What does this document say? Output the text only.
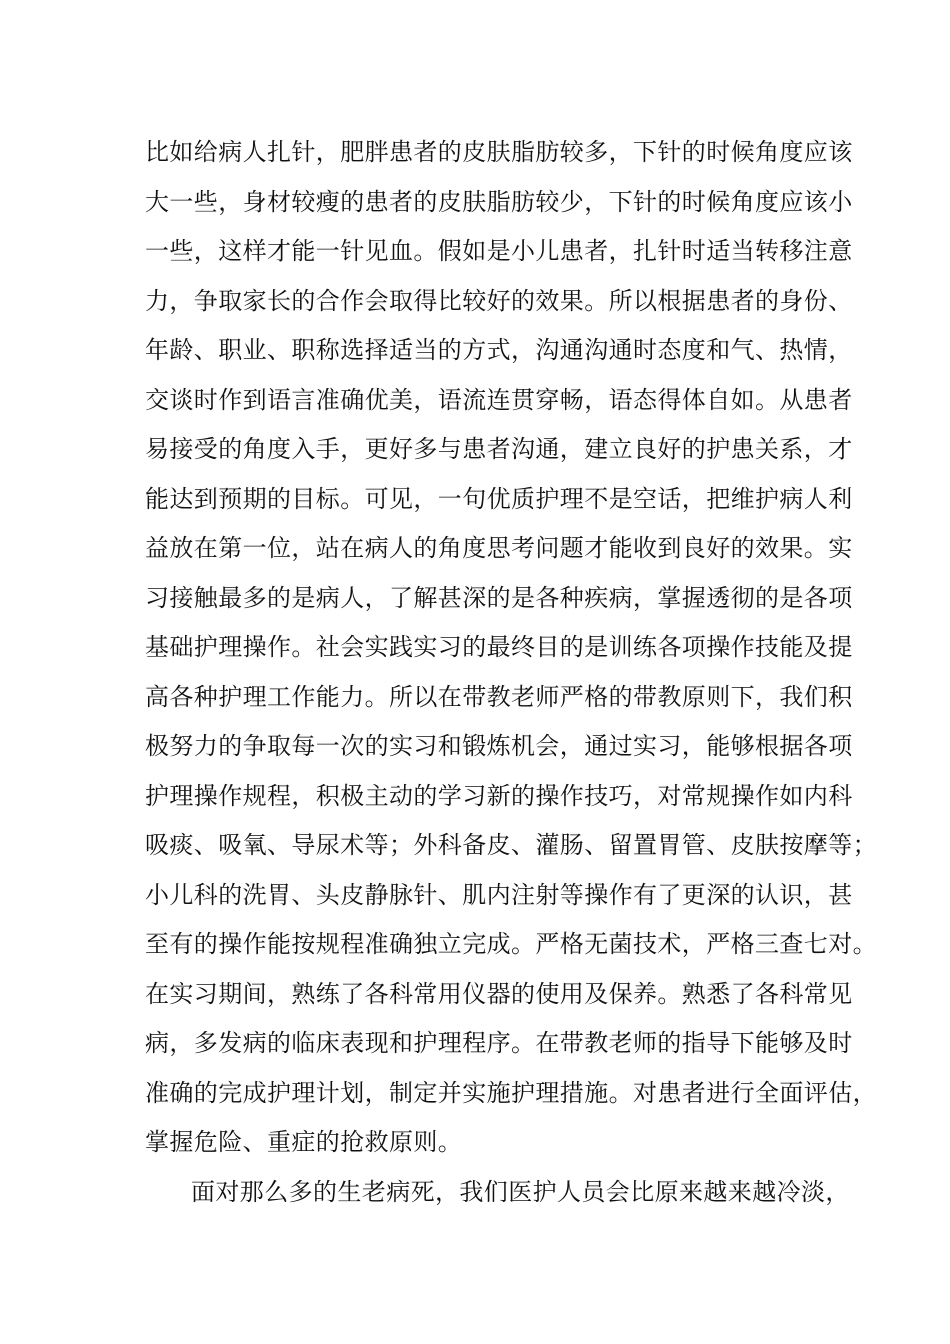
比如给病人扎针，肥胖患者的皮肤脂肪较多，下针的时候角度应该
大一些，身材较瘦的患者的皮肤脂肪较少，下针的时候角度应该小
一些，这样才能一针见血。假如是小儿患者，扎针时适当转移注意
力，争取家长的合作会取得比较好的效果。所以根据患者的身份、
年龄、职业、职称选择适当的方式，沟通沟通时态度和气、热情，
交谈时作到语言准确优美，语流连贯穿畅，语态得体自如。从患者
易接受的角度入手，更好多与患者沟通，建立良好的护患关系，才
能达到预期的目标。可见，一句优质护理不是空话，把维护病人利
益放在第一位，站在病人的角度思考问题才能收到良好的效果。实
习接触最多的是病人，了解甚深的是各种疾病，掌握透彻的是各项
基础护理操作。社会实践实习的最终目的是训练各项操作技能及提
高各种护理工作能力。所以在带教老师严格的带教原则下，我们积
极努力的争取每一次的实习和锻炼机会，通过实习，能够根据各项
护理操作规程，积极主动的学习新的操作技巧，对常规操作如内科
吸痰、吸氧、导尿术等；外科备皮、灌肠、留置胃管、皮肤按摩等；
小儿科的洗胃、头皮静脉针、肌内注射等操作有了更深的认识，甚
至有的操作能按规程准确独立完成。严格无菌技术，严格三查七对。
在实习期间，熟练了各科常用仪器的使用及保养。熟悉了各科常见
病，多发病的临床表现和护理程序。在带教老师的指导下能够及时
准确的完成护理计划，制定并实施护理措施。对患者进行全面评估，
掌握危险、重症的抢救原则。
面对那么多的生老病死，我们医护人员会比原来越来越冷淡，
